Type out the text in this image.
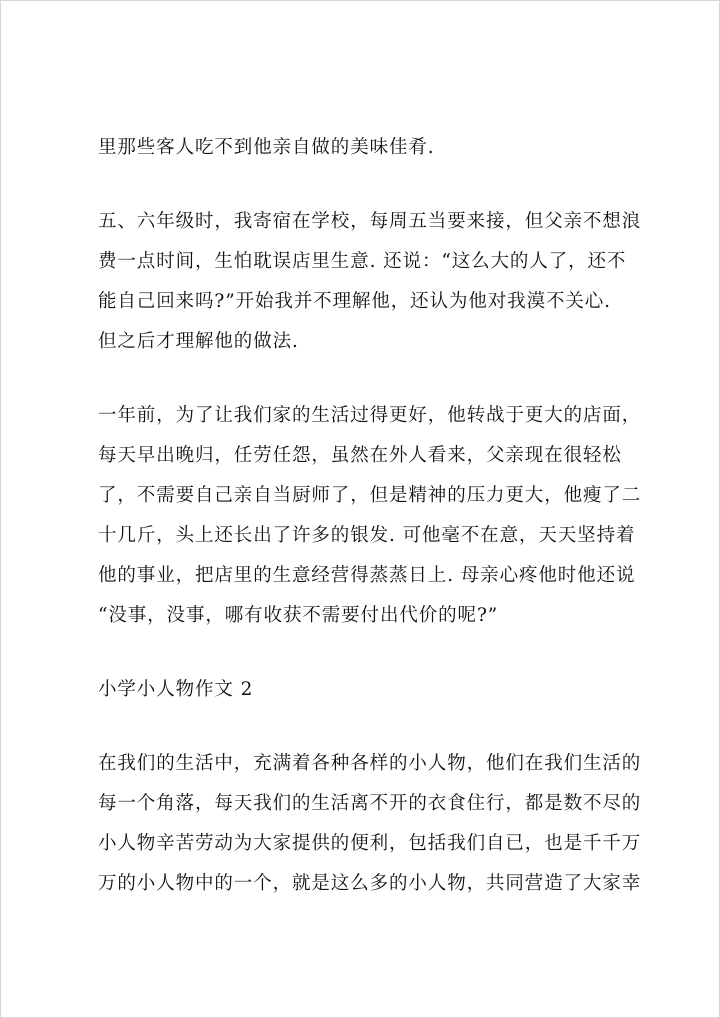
里那些客人吃不到他亲自做的美味佳肴.

五、六年级时，我寄宿在学校，每周五当要来接，但父亲不想浪
费一点时间，生怕耽误店里生意. 还说：“这么大的人了，还不
能自己回来吗?”开始我并不理解他，还认为他对我漠不关心.
但之后才理解他的做法.

一年前，为了让我们家的生活过得更好，他转战于更大的店面，
每天早出晚归，任劳任怨，虽然在外人看来，父亲现在很轻松
了，不需要自己亲自当厨师了，但是精神的压力更大，他瘦了二
十几斤，头上还长出了许多的银发. 可他毫不在意，天天坚持着
他的事业，把店里的生意经营得蒸蒸日上. 母亲心疼他时他还说
“没事，没事，哪有收获不需要付出代价的呢?”

小学小人物作文 2

在我们的生活中，充满着各种各样的小人物，他们在我们生活的
每一个角落，每天我们的生活离不开的衣食住行，都是数不尽的
小人物辛苦劳动为大家提供的便利，包括我们自已，也是千千万
万的小人物中的一个，就是这么多的小人物，共同营造了大家幸
